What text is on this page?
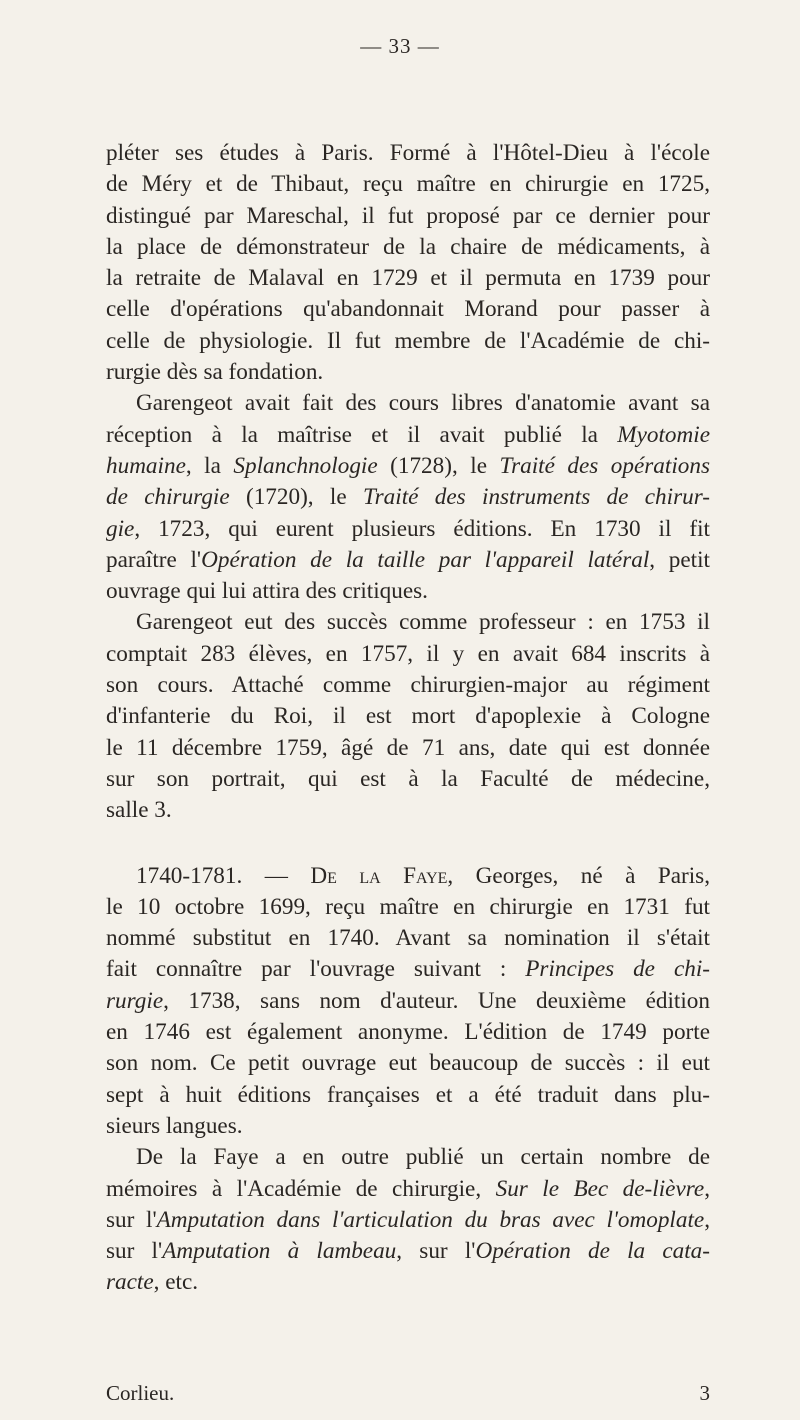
— 33 —
pléter ses études à Paris. Formé à l'Hôtel-Dieu à l'école
de Méry et de Thibaut, reçu maître en chirurgie en 1725,
distingué par Mareschal, il fut proposé par ce dernier pour
la place de démonstrateur de la chaire de médicaments, à
la retraite de Malaval en 1729 et il permuta en 1739 pour
celle d'opérations qu'abandonnait Morand pour passer à
celle de physiologie. Il fut membre de l'Académie de chi-
rurgie dès sa fondation.
Garengeot avait fait des cours libres d'anatomie avant sa
réception à la maîtrise et il avait publié la Myotomie
humaine, la Splanchnologie (1728), le Traité des opérations
de chirurgie (1720), le Traité des instruments de chirur-
gie, 1723, qui eurent plusieurs éditions. En 1730 il fit
paraître l'Opération de la taille par l'appareil latéral, petit
ouvrage qui lui attira des critiques.
Garengeot eut des succès comme professeur : en 1753 il
comptait 283 élèves, en 1757, il y en avait 684 inscrits à
son cours. Attaché comme chirurgien-major au régiment
d'infanterie du Roi, il est mort d'apoplexie à Cologne
le 11 décembre 1759, âgé de 71 ans, date qui est donnée
sur son portrait, qui est à la Faculté de médecine,
salle 3.
1740-1781. — De la Faye, Georges, né à Paris,
le 10 octobre 1699, reçu maître en chirurgie en 1731 fut
nommé substitut en 1740. Avant sa nomination il s'était
fait connaître par l'ouvrage suivant : Principes de chi-
rurgie, 1738, sans nom d'auteur. Une deuxième édition
en 1746 est également anonyme. L'édition de 1749 porte
son nom. Ce petit ouvrage eut beaucoup de succès : il eut
sept à huit éditions françaises et a été traduit dans plu-
sieurs langues.
De la Faye a en outre publié un certain nombre de
mémoires à l'Académie de chirurgie, Sur le Bec de-lièvre,
sur l'Amputation dans l'articulation du bras avec l'omoplate,
sur l'Amputation à lambeau, sur l'Opération de la cata-
racte, etc.
Corlieu.	3
